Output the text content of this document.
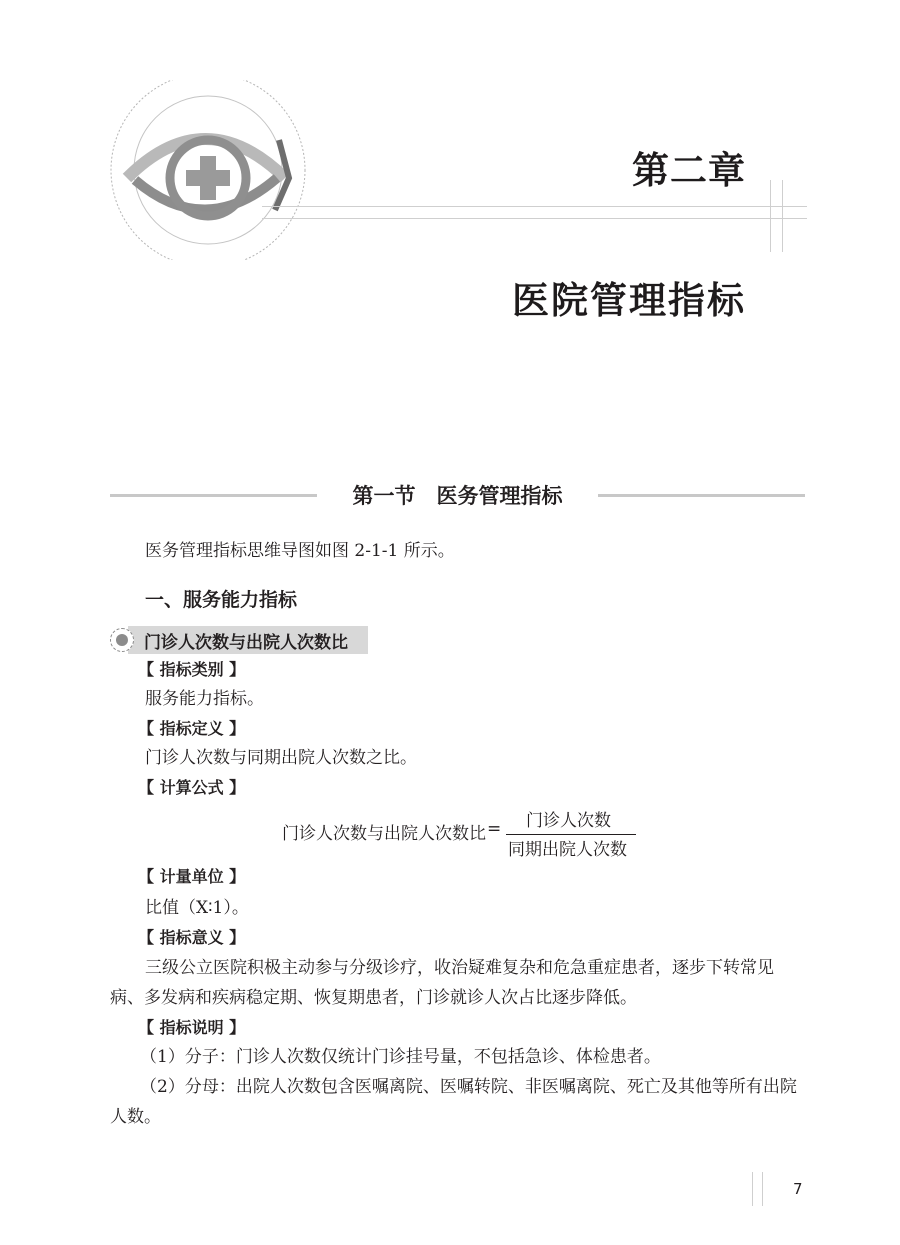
第二章
医院管理指标
第一节　医务管理指标
医务管理指标思维导图如图 2-1-1 所示。
一、服务能力指标
门诊人次数与出院人次数比
【 指标类别 】
服务能力指标。
【 指标定义 】
门诊人次数与同期出院人次数之比。
【 计算公式 】
门诊人次数与出院人次数比 = 门诊人次数
同期出院人次数
【 计量单位 】
比值（X∶1）。
【 指标意义 】
三级公立医院积极主动参与分级诊疗，收治疑难复杂和危急重症患者，逐步下转常见
病、多发病和疾病稳定期、恢复期患者，门诊就诊人次占比逐步降低。
【 指标说明 】
（1）分子：门诊人次数仅统计门诊挂号量，不包括急诊、体检患者。
（2）分母：出院人次数包含医嘱离院、医嘱转院、非医嘱离院、死亡及其他等所有出院
人数。
7
